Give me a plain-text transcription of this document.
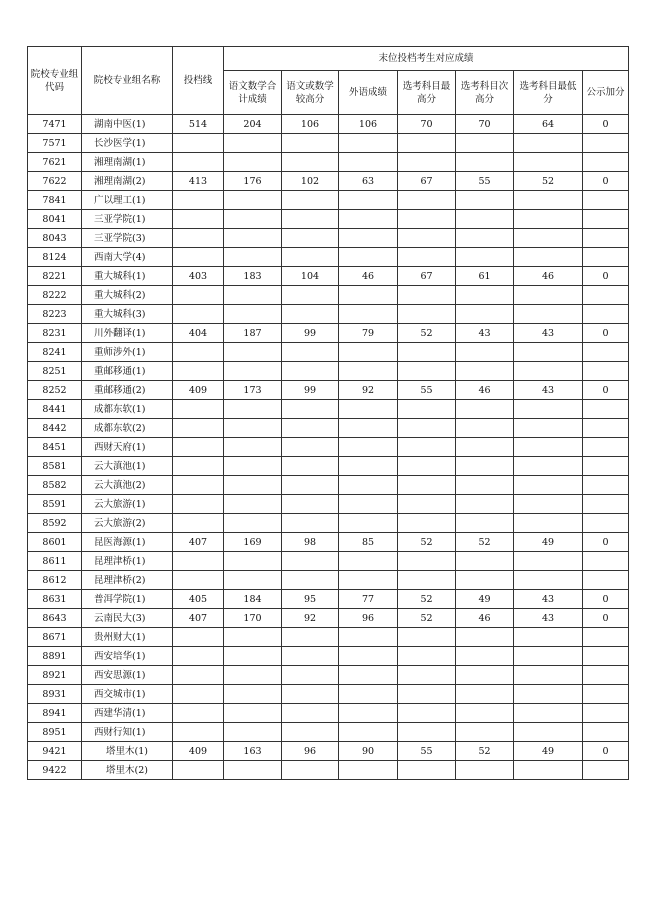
院校专业组代码	院校专业组名称	投档线	末位投档考生对应成绩						
			语文数学合计成绩	语文或数学较高分	外语成绩	选考科目最高分	选考科目次高分	选考科目最低分	公示加分
7471	湖南中医(1)	514	204	106	106	70	70	64	0
7571	长沙医学(1)								
7621	湘理南湖(1)								
7622	湘理南湖(2)	413	176	102	63	67	55	52	0
7841	广以理工(1)								
8041	三亚学院(1)								
8043	三亚学院(3)								
8124	西南大学(4)								
8221	重大城科(1)	403	183	104	46	67	61	46	0
8222	重大城科(2)								
8223	重大城科(3)								
8231	川外翻译(1)	404	187	99	79	52	43	43	0
8241	重师涉外(1)								
8251	重邮移通(1)								
8252	重邮移通(2)	409	173	99	92	55	46	43	0
8441	成都东软(1)								
8442	成都东软(2)								
8451	西财天府(1)								
8581	云大滇池(1)								
8582	云大滇池(2)								
8591	云大旅游(1)								
8592	云大旅游(2)								
8601	昆医海源(1)	407	169	98	85	52	52	49	0
8611	昆理津桥(1)								
8612	昆理津桥(2)								
8631	普洱学院(1)	405	184	95	77	52	49	43	0
8643	云南民大(3)	407	170	92	96	52	46	43	0
8671	贵州财大(1)								
8891	西安培华(1)								
8921	西安思源(1)								
8931	西交城市(1)								
8941	西建华清(1)								
8951	西财行知(1)								
9421	塔里木(1)	409	163	96	90	55	52	49	0
9422	塔里木(2)								
